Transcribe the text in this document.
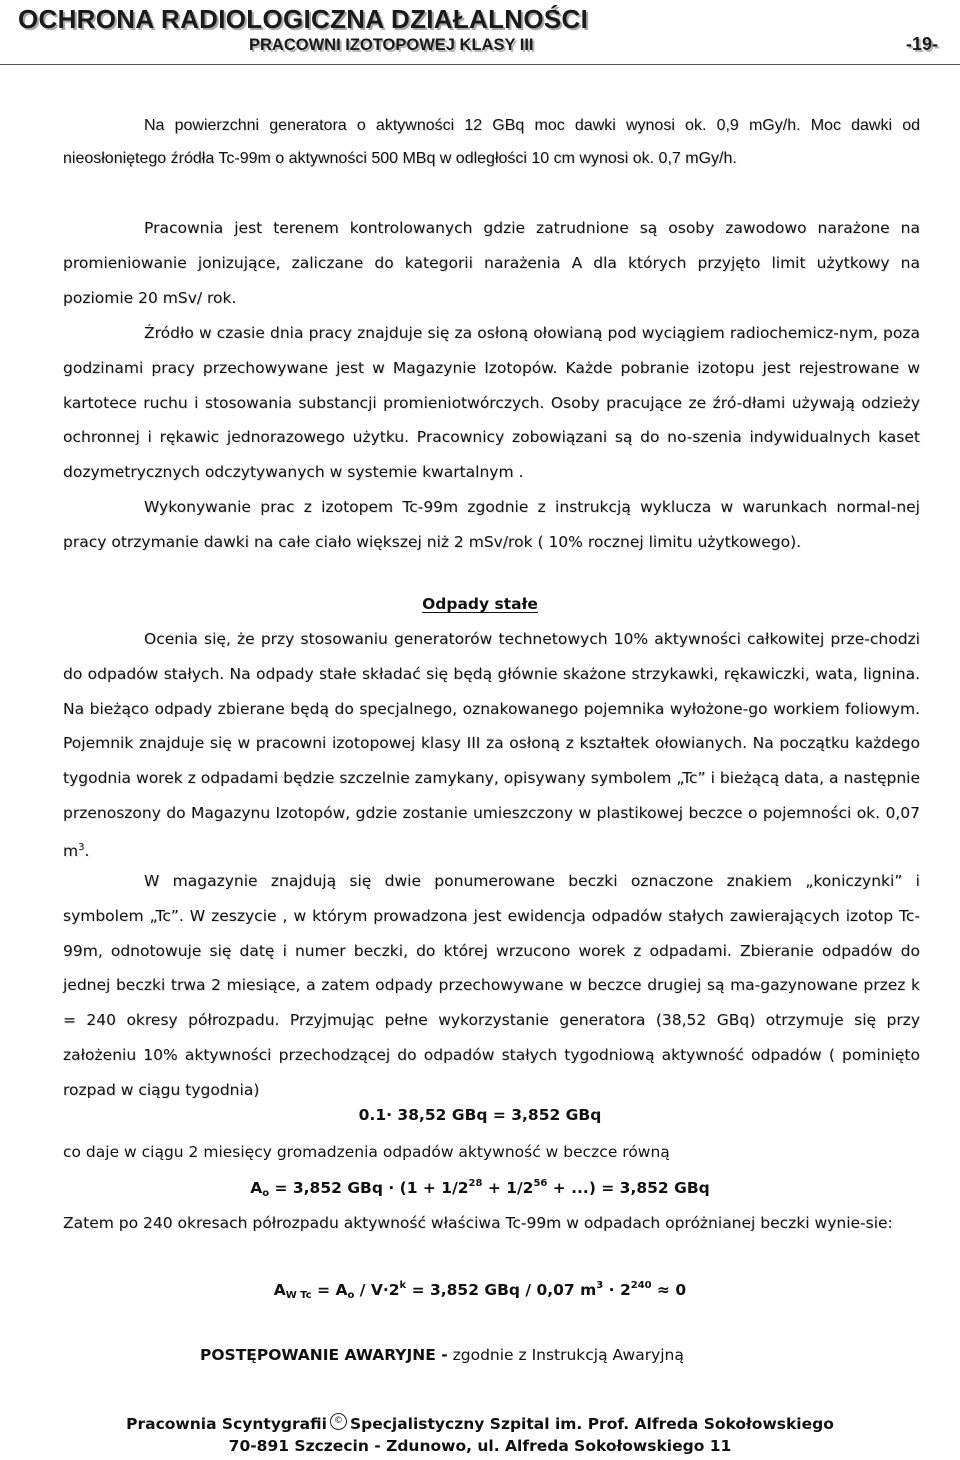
OCHRONA RADIOLOGICZNA DZIAŁALNOŚCI
PRACOWNI IZOTOPOWEJ KLASY III	-19-

Na powierzchni generatora o aktywności 12 GBq moc dawki wynosi ok. 0,9 mGy/h. Moc dawki od nieosłoniętego źródła Tc-99m o aktywności 500 MBq w odległości 10 cm wynosi ok. 0,7 mGy/h.

Pracownia jest terenem kontrolowanych gdzie zatrudnione są osoby zawodowo narażone na promieniowanie jonizujące, zaliczane do kategorii narażenia A dla których przyjęto limit użytkowy na poziomie 20 mSv/ rok.

Źródło w czasie dnia pracy znajduje się za osłoną ołowianą pod wyciągiem radiochemicz-nym, poza godzinami pracy przechowywane jest w Magazynie Izotopów. Każde pobranie izotopu jest rejestrowane w kartotece ruchu i stosowania substancji promieniotwórczych. Osoby pracujące ze źró-dłami używają odzieży ochronnej i rękawic jednorazowego użytku. Pracownicy zobowiązani są do no-szenia indywidualnych kaset dozymetrycznych odczytywanych w systemie kwartalnym .

Wykonywanie prac z izotopem Tc-99m zgodnie z instrukcją wyklucza w warunkach normal-nej pracy otrzymanie dawki na całe ciało większej niż 2 mSv/rok ( 10% rocznej limitu użytkowego).

Odpady stałe

Ocenia się, że przy stosowaniu generatorów technetowych 10% aktywności całkowitej prze-chodzi do odpadów stałych. Na odpady stałe składać się będą głównie skażone strzykawki, rękawiczki, wata, lignina. Na bieżąco odpady zbierane będą do specjalnego, oznakowanego pojemnika wyłożone-go workiem foliowym. Pojemnik znajduje się w pracowni izotopowej klasy III za osłoną z kształtek ołowianych. Na początku każdego tygodnia worek z odpadami będzie szczelnie zamykany, opisywany symbolem „Tc” i bieżącą data, a następnie przenoszony do Magazynu Izotopów, gdzie zostanie umieszczony w plastikowej beczce o pojemności ok. 0,07 $m^3$.

W magazynie znajdują się dwie ponumerowane beczki oznaczone znakiem „koniczynki” i symbolem „Tc”. W zeszycie , w którym prowadzona jest ewidencja odpadów stałych zawierających izotop Tc-99m, odnotowuje się datę i numer beczki, do której wrzucono worek z odpadami. Zbieranie odpadów do jednej beczki trwa 2 miesiące, a zatem odpady przechowywane w beczce drugiej są ma-gazynowane przez k = 240 okresy półrozpadu. Przyjmując pełne wykorzystanie generatora (38,52 GBq) otrzymuje się przy założeniu 10% aktywności przechodzącej do odpadów stałych tygodniową aktywność odpadów ( pominięto rozpad w ciągu tygodnia)

0.1· 38,52 GBq = 3,852 GBq
co daje w ciągu 2 miesięcy gromadzenia odpadów aktywność w beczce równą
$A_o = 3,852$ GBq · ($1 + 1/2^{28} + 1/2^{56}$ + ...) = 3,852 GBq

Zatem po 240 okresach półrozpadu aktywność właściwa Tc-99m w odpadach opróżnianej beczki wynie-sie:

$A_{W Tc} = A_o / V\cdot 2^k = 3,852$ GBq / 0,07 $m^3 \cdot 2^{240} \approx 0$
POSTĘPOWANIE AWARYJNE - zgodnie z Instrukcją Awaryjną
Pracownia Scyntygrafii © Specjalistyczny Szpital im. Prof. Alfreda Sokołowskiego
70-891 Szczecin - Zdunowo, ul. Alfreda Sokołowskiego 11
